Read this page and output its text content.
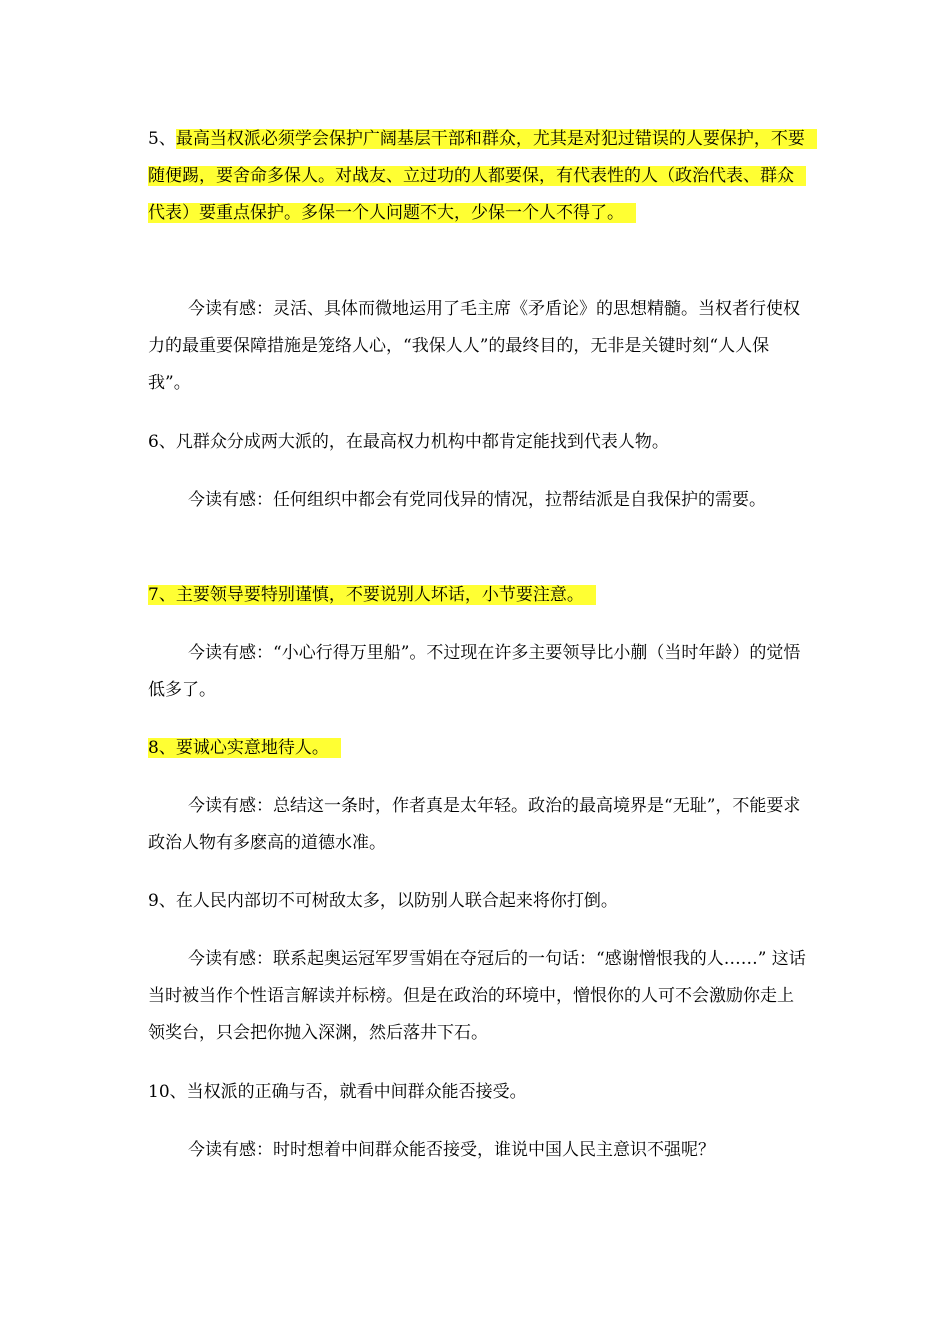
5、最高当权派必须学会保护广阔基层干部和群众，尤其是对犯过错误的人要保护，不要随便踢，要舍命多保人。对战友、立过功的人都要保，有代表性的人（政治代表、群众代表）要重点保护。多保一个人问题不大，少保一个人不得了。

今读有感：灵活、具体而微地运用了毛主席《矛盾论》的思想精髓。当权者行使权力的最重要保障措施是笼络人心，“我保人人”的最终目的，无非是关键时刻“人人保我”。

6、凡群众分成两大派的，在最高权力机构中都肯定能找到代表人物。

今读有感：任何组织中都会有党同伐异的情况，拉帮结派是自我保护的需要。

7、主要领导要特别谨慎，不要说别人坏话，小节要注意。

今读有感：“小心行得万里船”。不过现在许多主要领导比小蒯（当时年龄）的觉悟低多了。

8、要诚心实意地待人。

今读有感：总结这一条时，作者真是太年轻。政治的最高境界是“无耻”，不能要求政治人物有多麽高的道德水准。

9、在人民内部切不可树敌太多，以防别人联合起来将你打倒。

今读有感：联系起奥运冠军罗雪娟在夺冠后的一句话：“感谢憎恨我的人……” 这话当时被当作个性语言解读并标榜。但是在政治的环境中，憎恨你的人可不会激励你走上领奖台，只会把你抛入深渊，然后落井下石。

10、当权派的正确与否，就看中间群众能否接受。

今读有感：时时想着中间群众能否接受，谁说中国人民主意识不强呢？
